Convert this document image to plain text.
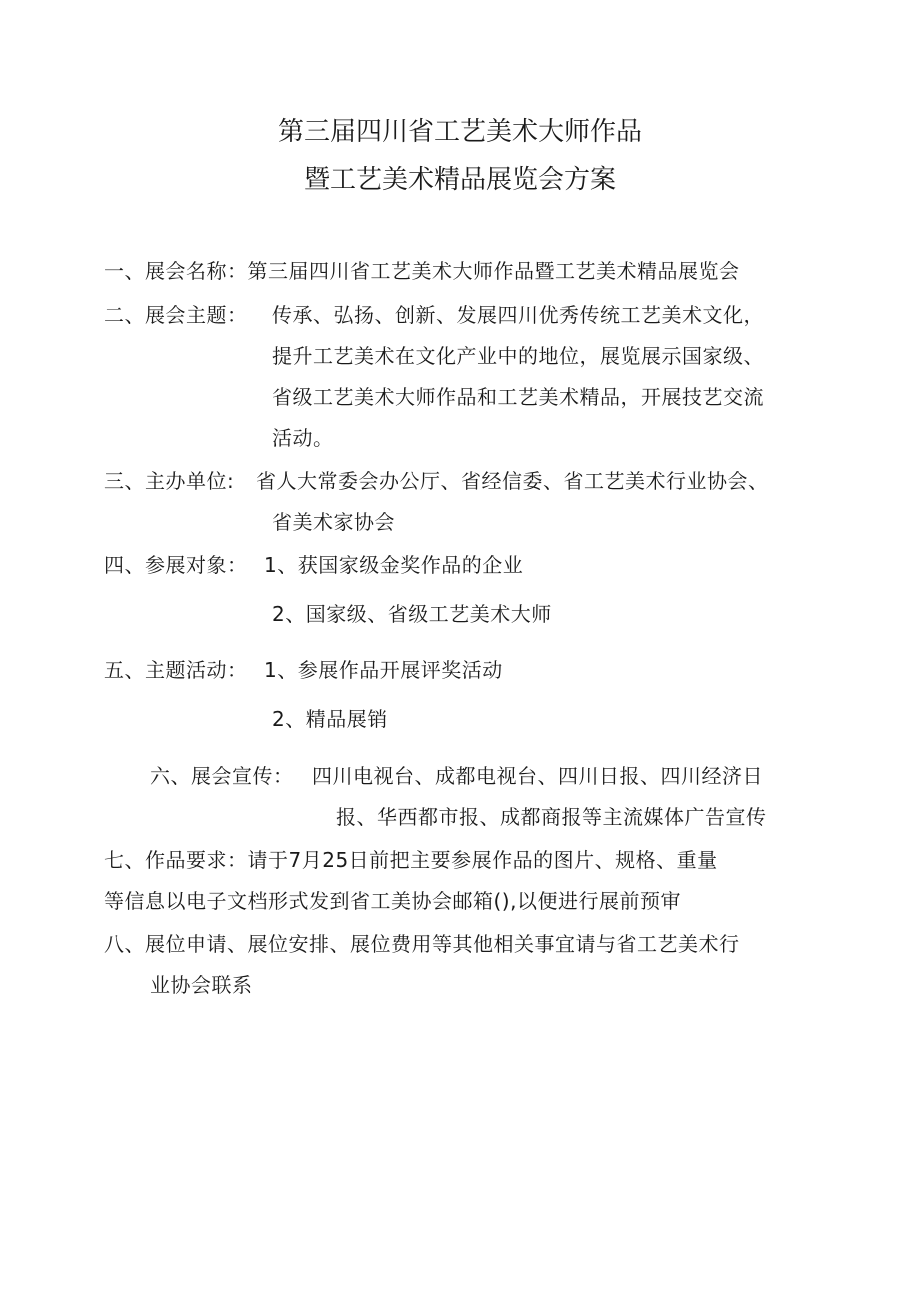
第三届四川省工艺美术大师作品
暨工艺美术精品展览会方案
一、展会名称：第三届四川省工艺美术大师作品暨工艺美术精品展览会
二、展会主题： 传承、弘扬、创新、发展四川优秀传统工艺美术文化，
提升工艺美术在文化产业中的地位，展览展示国家级、
省级工艺美术大师作品和工艺美术精品，开展技艺交流
活动。
三、主办单位: 省人大常委会办公厅、省经信委、省工艺美术行业协会、
省美术家协会
四、参展对象： 1、获国家级金奖作品的企业
2、国家级、省级工艺美术大师
五、主题活动： 1、参展作品开展评奖活动
2、精品展销
六、展会宣传： 四川电视台、成都电视台、四川日报、四川经济日
报、华西都市报、成都商报等主流媒体广告宣传
七、作品要求：请于7月25日前把主要参展作品的图片、规格、重量
等信息以电子文档形式发到省工美协会邮箱(),以便进行展前预审
八、展位申请、展位安排、展位费用等其他相关事宜请与省工艺美术行
业协会联系
